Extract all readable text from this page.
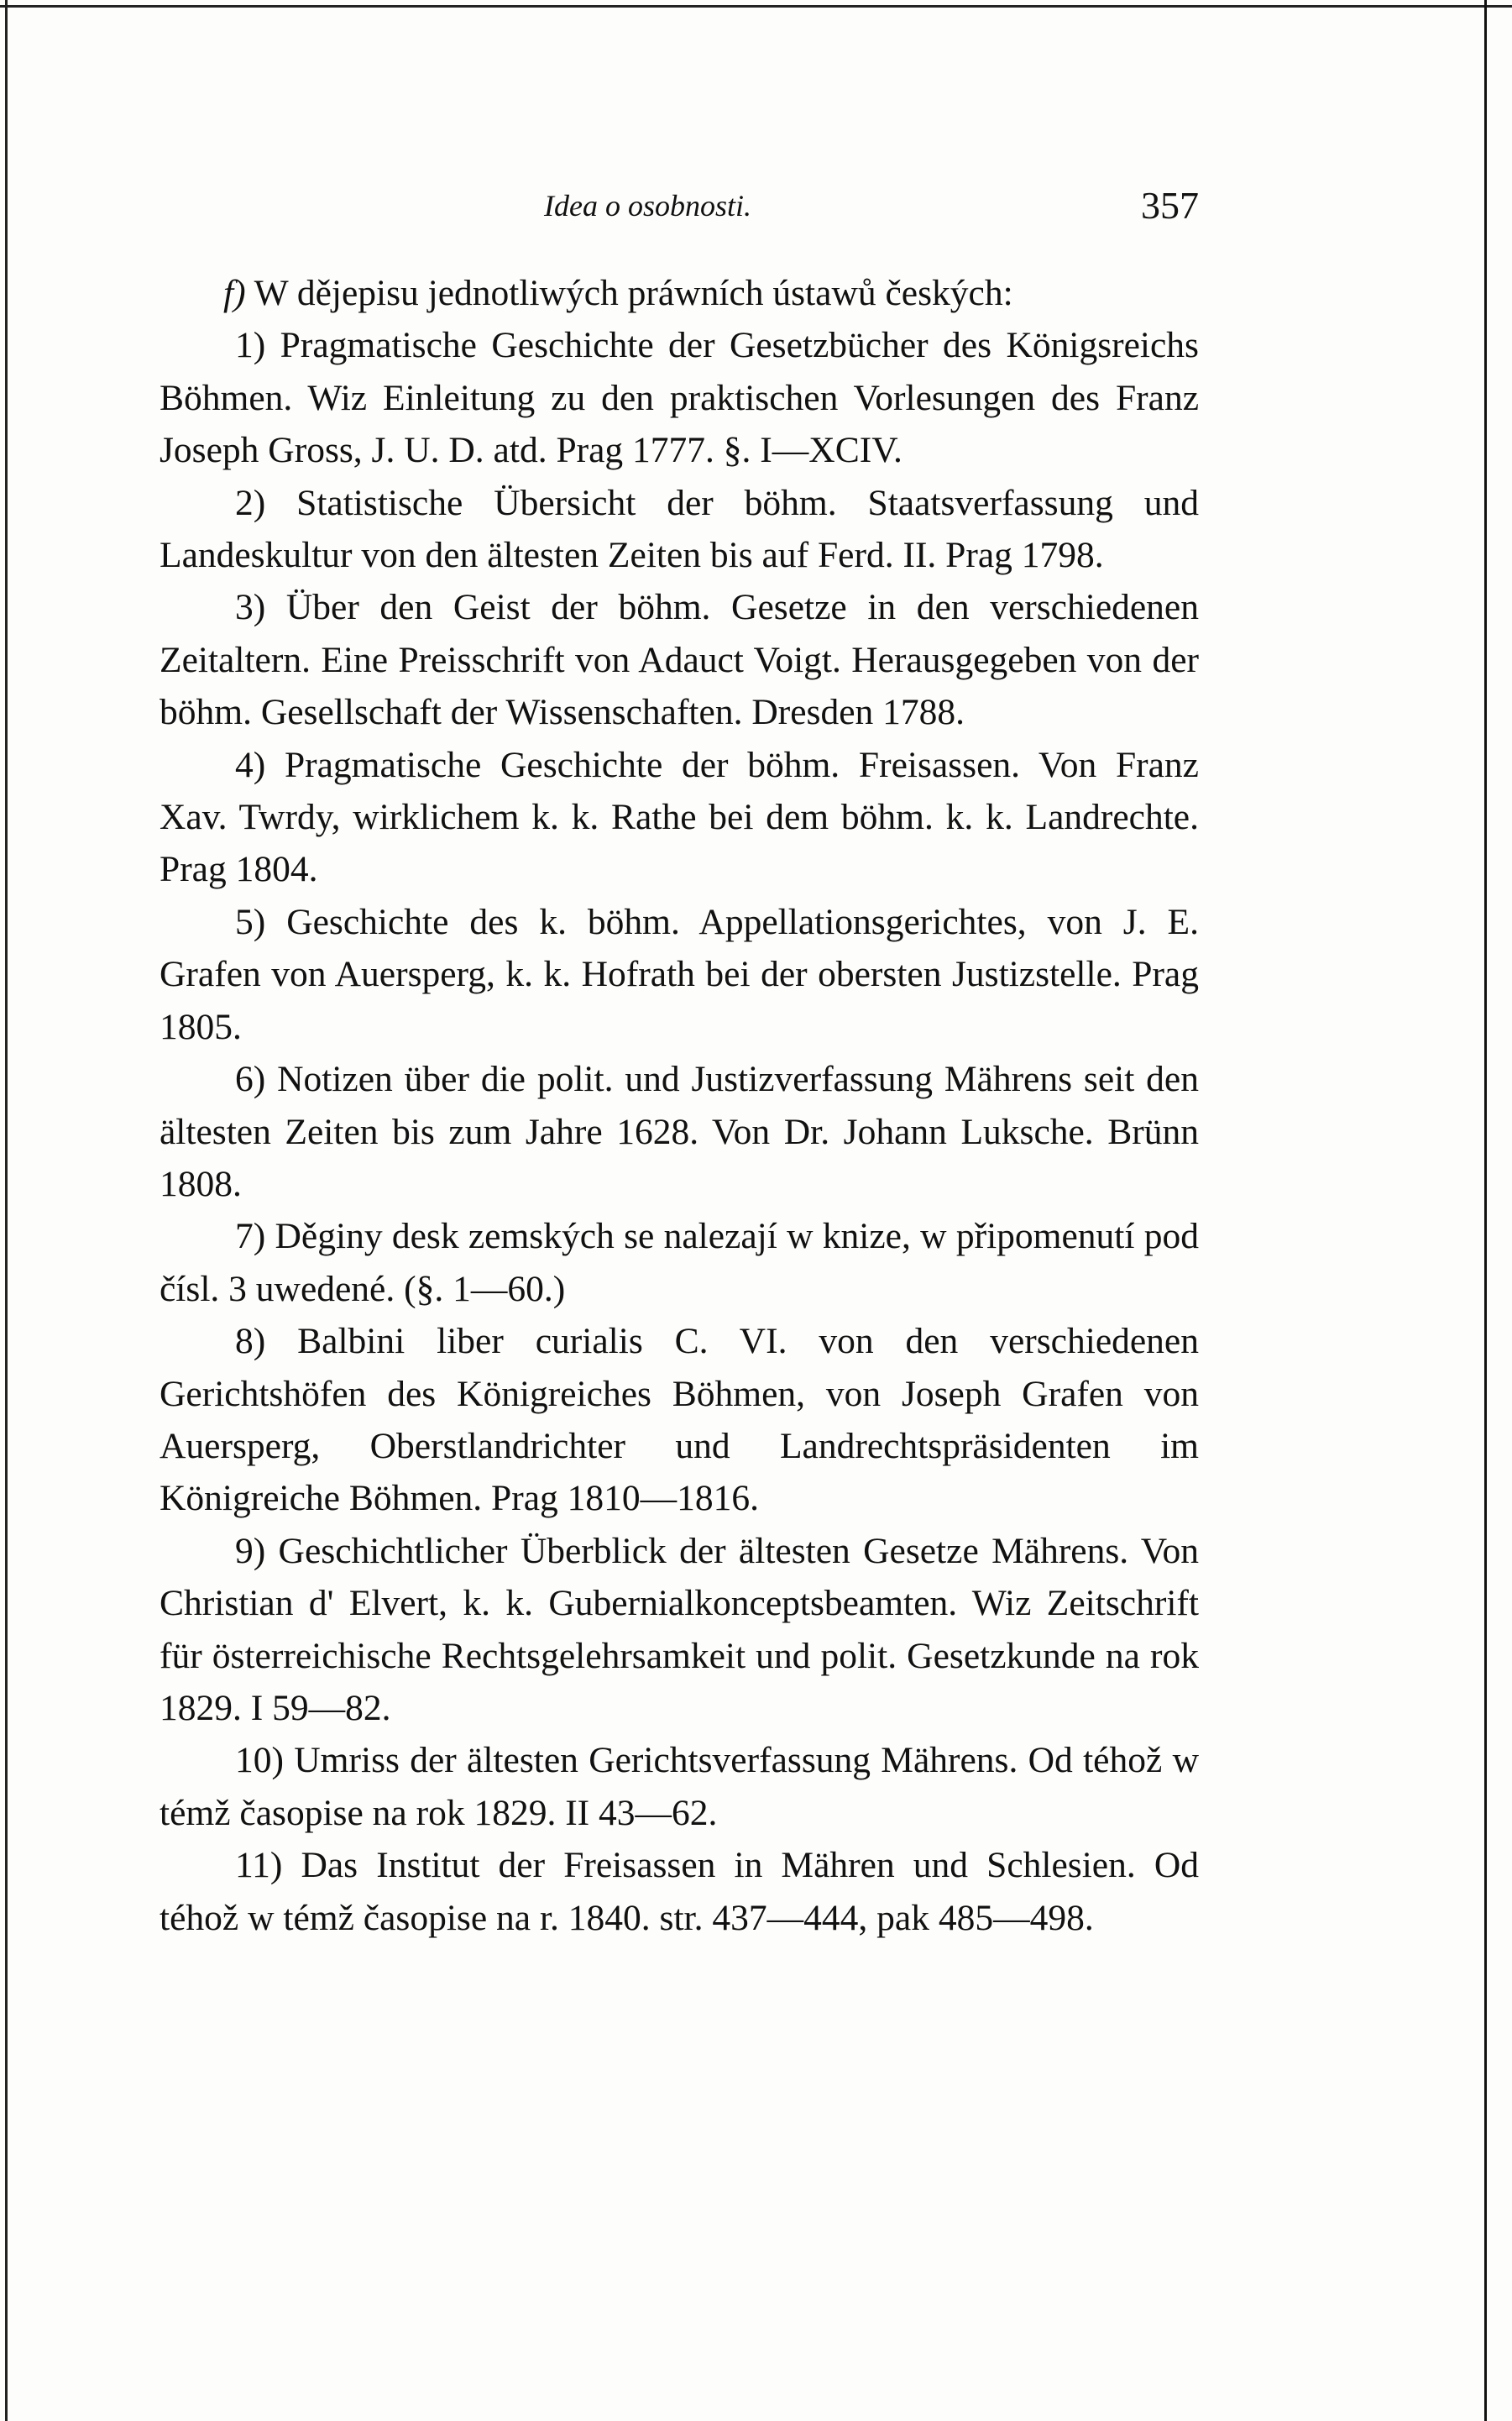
Idea o osobnosti.	357

f) W dějepisu jednotliwých práwních ústawů českých:

1) Pragmatische Geschichte der Gesetzbücher des Königsreichs Böhmen. Wiz Einleitung zu den praktischen Vorlesungen des Franz Joseph Gross, J. U. D. atd. Prag 1777. §. I—XCIV.

2) Statistische Übersicht der böhm. Staatsverfassung und Landeskultur von den ältesten Zeiten bis auf Ferd. II. Prag 1798.

3) Über den Geist der böhm. Gesetze in den verschiedenen Zeitaltern. Eine Preisschrift von Adauct Voigt. Herausgegeben von der böhm. Gesellschaft der Wissenschaften. Dresden 1788.

4) Pragmatische Geschichte der böhm. Freisassen. Von Franz Xav. Twrdy, wirklichem k. k. Rathe bei dem böhm. k. k. Landrechte. Prag 1804.

5) Geschichte des k. böhm. Appellationsgerichtes, von J. E. Grafen von Auersperg, k. k. Hofrath bei der obersten Justizstelle. Prag 1805.

6) Notizen über die polit. und Justizverfassung Mährens seit den ältesten Zeiten bis zum Jahre 1628. Von Dr. Johann Luksche. Brünn 1808.

7) Děginy desk zemských se nalezají w knize, w připomenutí pod čísl. 3 uwedené. (§. 1—60.)

8) Balbini liber curialis C. VI. von den verschiedenen Gerichtshöfen des Königreiches Böhmen, von Joseph Grafen von Auersperg, Oberstlandrichter und Landrechtspräsidenten im Königreiche Böhmen. Prag 1810—1816.

9) Geschichtlicher Überblick der ältesten Gesetze Mährens. Von Christian d' Elvert, k. k. Gubernialkonceptsbeamten. Wiz Zeitschrift für österreichische Rechtsgelehrsamkeit und polit. Gesetzkunde na rok 1829. I 59—82.

10) Umriss der ältesten Gerichtsverfassung Mährens. Od téhož w témž časopise na rok 1829. II 43—62.

11) Das Institut der Freisassen in Mähren und Schlesien. Od téhož w témž časopise na r. 1840. str. 437—444, pak 485—498.
